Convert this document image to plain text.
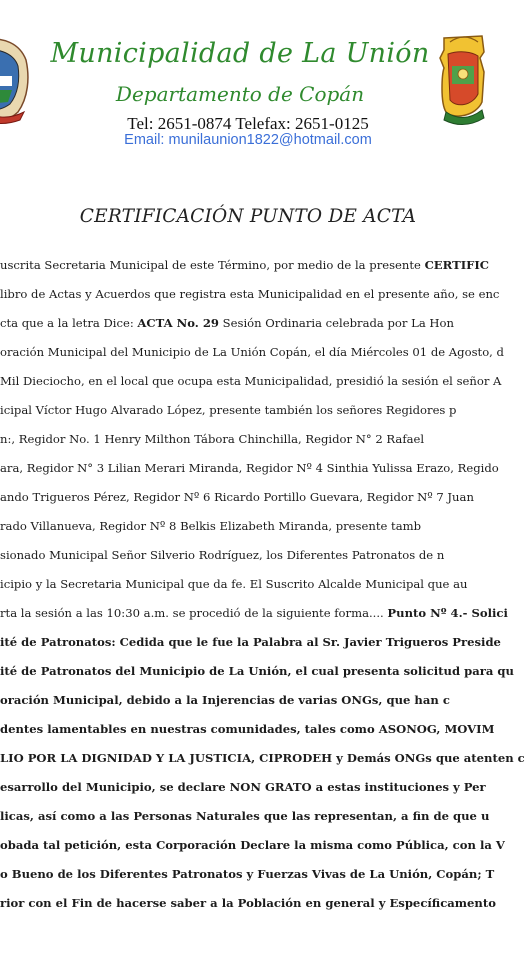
Municipalidad de La Unión
Departamento de Copán
Tel: 2651-0874 Telefax: 2651-0125
Email: munilaunion1822@hotmail.com
CERTIFICACIÓN PUNTO DE ACTA
uscrita Secretaria Municipal de este Término, por medio de la presente CERTIFIC
libro de Actas y Acuerdos que registra esta Municipalidad en el presente año, se enc
cta que a la letra Dice: ACTA No. 29 Sesión Ordinaria celebrada por La Hon
oración Municipal del Municipio de La Unión Copán, el día Miércoles 01 de Agosto, d
Mil Dieciocho, en el local que ocupa esta Municipalidad, presidió la sesión el señor A
icipal Víctor Hugo Alvarado López, presente también los señores Regidores p
n:, Regidor No. 1 Henry Milthon Tábora Chinchilla, Regidor N° 2 Rafael
ara, Regidor N° 3 Lilian Merari Miranda, Regidor Nº 4 Sinthia Yulissa Erazo, Regido
ando Trigueros Pérez, Regidor Nº 6 Ricardo Portillo Guevara, Regidor Nº 7 Juan
rado Villanueva, Regidor Nº 8 Belkis Elizabeth Miranda, presente tamb
sionado Municipal Señor Silverio Rodríguez, los Diferentes Patronatos de n
icipio y la Secretaria Municipal que da fe. El Suscrito Alcalde Municipal que au
rta la sesión a las 10:30 a.m. se procedió de la siguiente forma.... Punto Nº 4.- Solici
ité de Patronatos: Cedida que le fue la Palabra al Sr. Javier Trigueros Preside
ité de Patronatos del Municipio de La Unión, el cual presenta solicitud para qu
oración Municipal, debido a la Injerencias de varias ONGs, que han c
dentes lamentables en nuestras comunidades, tales como ASONOG, MOVIM
LIO POR LA DIGNIDAD Y LA JUSTICIA, CIPRODEH y Demás ONGs que atenten c
esarrollo del Municipio, se declare NON GRATO a estas instituciones y Per
licas, así como a las Personas Naturales que las representan, a fin de que u
obada tal petición, esta Corporación Declare la misma como Pública, con la V
o Bueno de los Diferentes Patronatos y Fuerzas Vivas de La Unión, Copán; T
rior con el Fin de hacerse saber a la Población en general y Específicamento
